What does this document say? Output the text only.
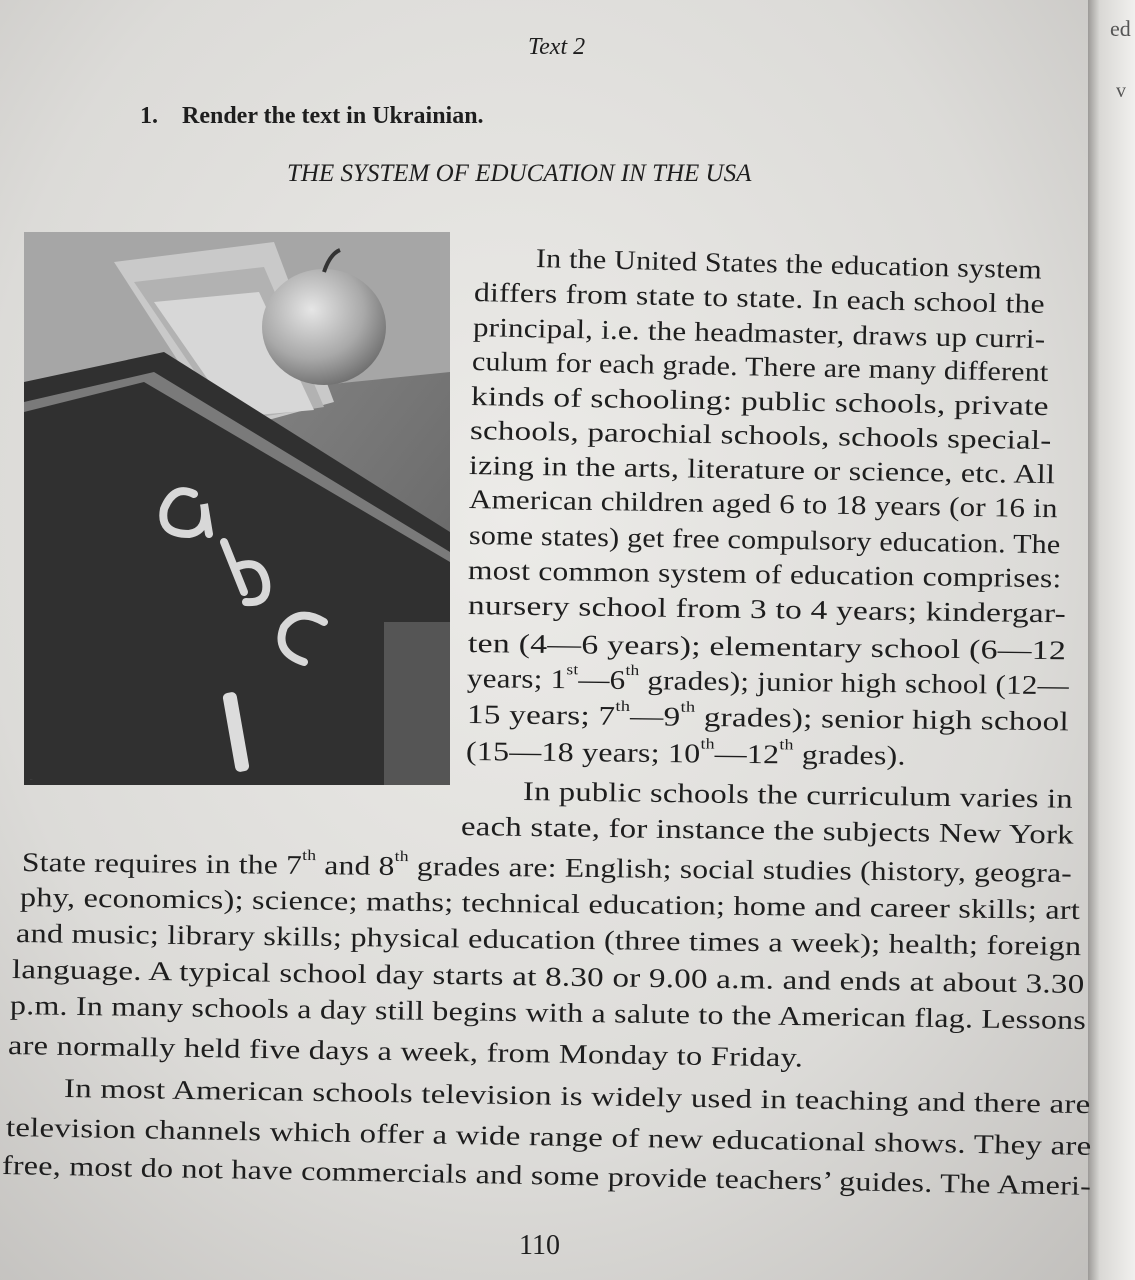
ed
v
Text 2
1. Render the text in Ukrainian.
THE SYSTEM OF EDUCATION IN THE USA
abcd
In the United States the education system
differs from state to state. In each school the
principal, i.e. the headmaster, draws up curri-
culum for each grade. There are many different
kinds of schooling: public schools, private
schools, parochial schools, schools special-
izing in the arts, literature or science, etc. All
American children aged 6 to 18 years (or 16 in
some states) get free compulsory education. The
most common system of education comprises:
nursery school from 3 to 4 years; kindergar-
ten (4—6 years); elementary school (6—12
years; 1st—6th grades); junior high school (12—
15 years; 7th—9th grades); senior high school
(15—18 years; 10th—12th grades).
In public schools the curriculum varies in
each state, for instance the subjects New York
State requires in the 7th and 8th grades are: English; social studies (history, geogra-
phy, economics); science; maths; technical education; home and career skills; art
and music; library skills; physical education (three times a week); health; foreign
language. A typical school day starts at 8.30 or 9.00 a.m. and ends at about 3.30
p.m. In many schools a day still begins with a salute to the American flag. Lessons
are normally held five days a week, from Monday to Friday.
In most American schools television is widely used in teaching and there are
television channels which offer a wide range of new educational shows. They are
free, most do not have commercials and some provide teachers’ guides. The Ameri-
110
